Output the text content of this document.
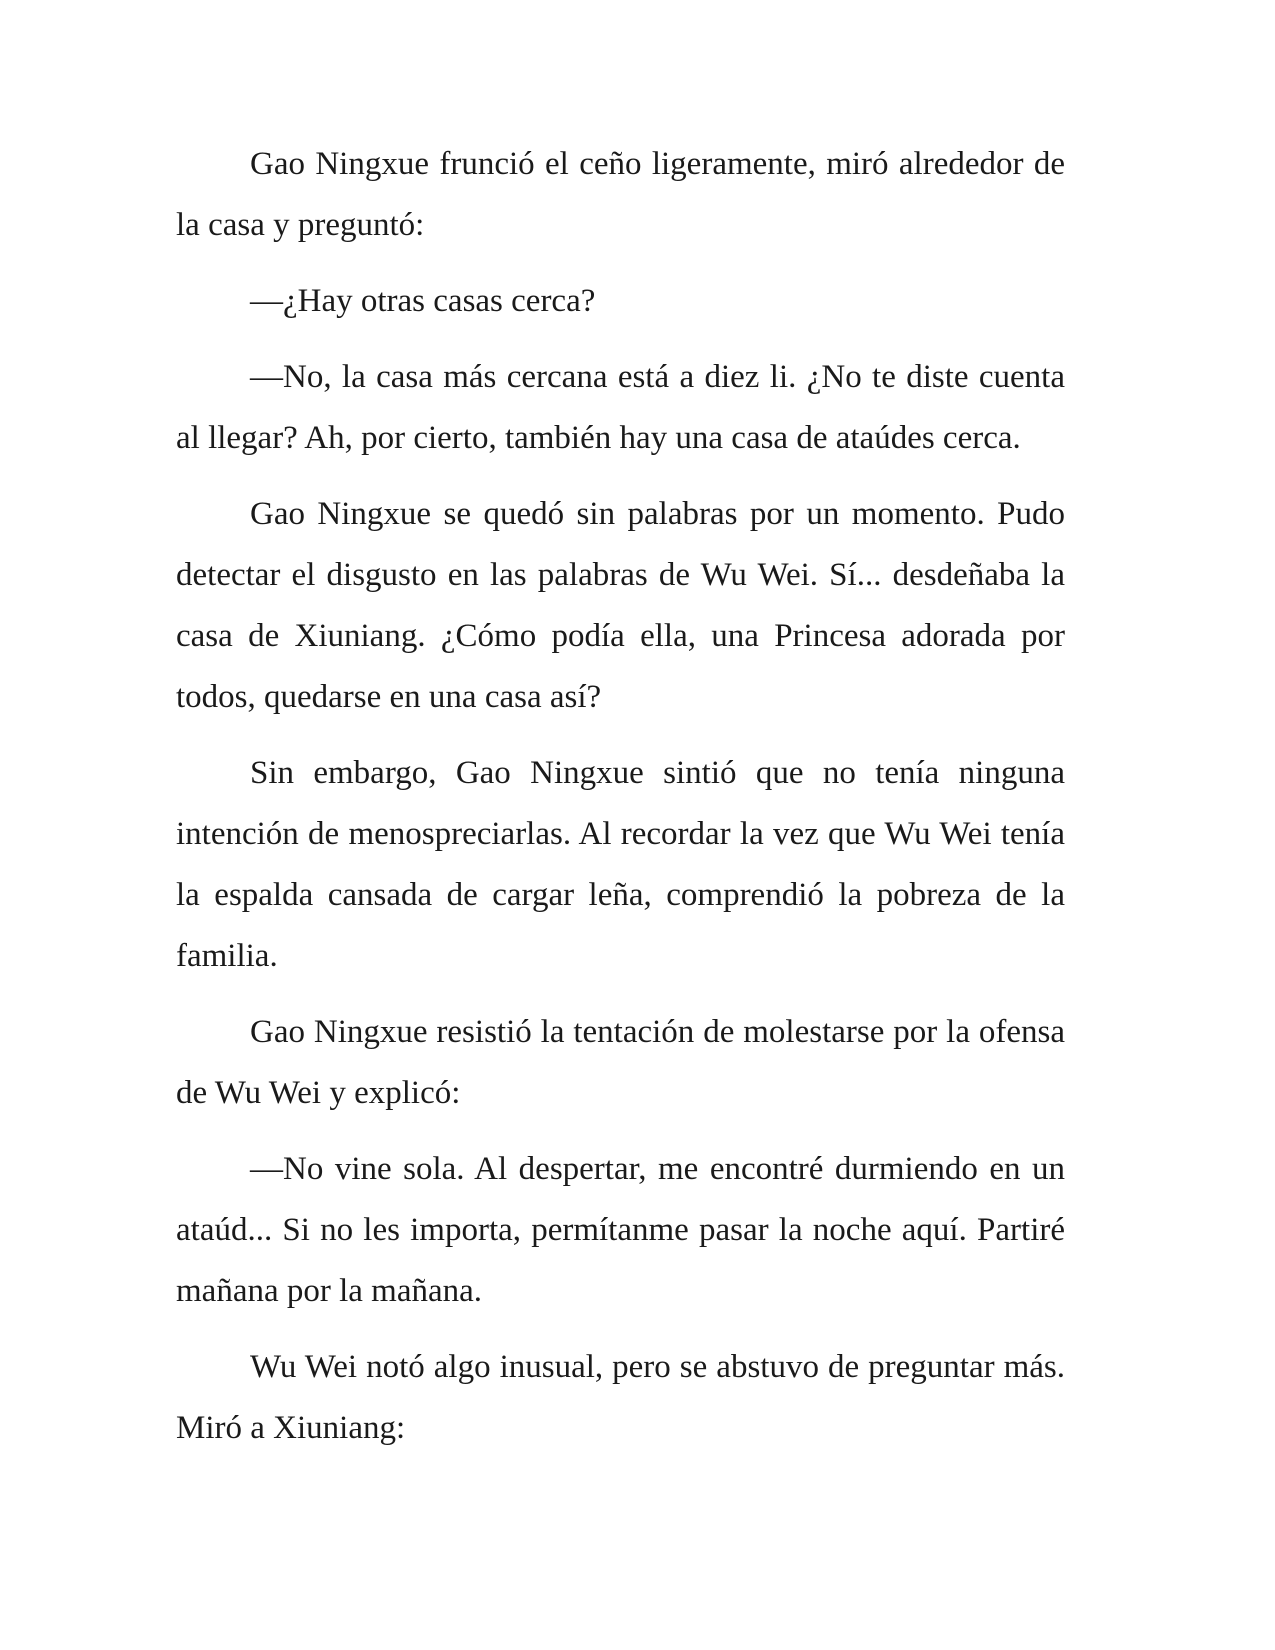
Gao Ningxue frunció el ceño ligeramente, miró alrededor de la casa y preguntó:

—¿Hay otras casas cerca?

—No, la casa más cercana está a diez li. ¿No te diste cuenta al llegar? Ah, por cierto, también hay una casa de ataúdes cerca.

Gao Ningxue se quedó sin palabras por un momento. Pudo detectar el disgusto en las palabras de Wu Wei. Sí... desdeñaba la casa de Xiuniang. ¿Cómo podía ella, una Princesa adorada por todos, quedarse en una casa así?

Sin embargo, Gao Ningxue sintió que no tenía ninguna intención de menospreciarlas. Al recordar la vez que Wu Wei tenía la espalda cansada de cargar leña, comprendió la pobreza de la familia.

Gao Ningxue resistió la tentación de molestarse por la ofensa de Wu Wei y explicó:

—No vine sola. Al despertar, me encontré durmiendo en un ataúd... Si no les importa, permítanme pasar la noche aquí. Partiré mañana por la mañana.

Wu Wei notó algo inusual, pero se abstuvo de preguntar más. Miró a Xiuniang:
